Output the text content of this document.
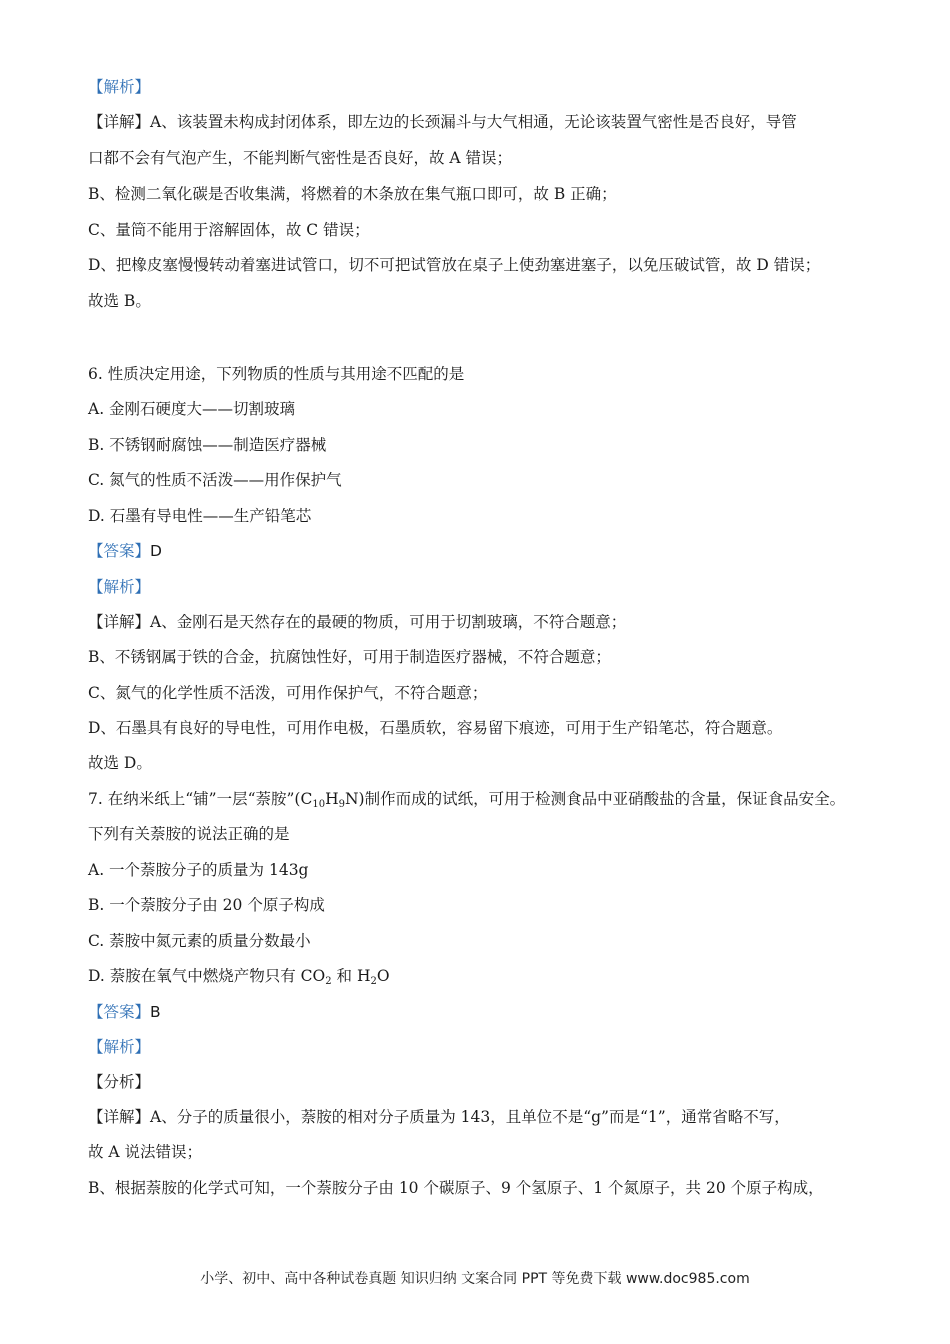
【解析】
【详解】A、该装置未构成封闭体系，即左边的长颈漏斗与大气相通，无论该装置气密性是否良好，导管
口都不会有气泡产生，不能判断气密性是否良好，故 A 错误；
B、检测二氧化碳是否收集满，将燃着的木条放在集气瓶口即可，故 B 正确；
C、量筒不能用于溶解固体，故 C 错误；
D、把橡皮塞慢慢转动着塞进试管口，切不可把试管放在桌子上使劲塞进塞子，以免压破试管，故 D 错误；
故选 B。
6. 性质决定用途，下列物质的性质与其用途不匹配的是
A. 金刚石硬度大——切割玻璃
B. 不锈钢耐腐蚀——制造医疗器械
C. 氮气的性质不活泼——用作保护气
D. 石墨有导电性——生产铅笔芯
【答案】D
【解析】
【详解】A、金刚石是天然存在的最硬的物质，可用于切割玻璃，不符合题意；
B、不锈钢属于铁的合金，抗腐蚀性好，可用于制造医疗器械，不符合题意；
C、氮气的化学性质不活泼，可用作保护气，不符合题意；
D、石墨具有良好的导电性，可用作电极，石墨质软，容易留下痕迹，可用于生产铅笔芯，符合题意。
故选 D。
7. 在纳米纸上“铺”一层“萘胺$”(C_{10}H_9N)$制作而成的试纸，可用于检测食品中亚硝酸盐的含量，保证食品安全。
下列有关萘胺的说法正确的是
A. 一个萘胺分子的质量为 143g
B. 一个萘胺分子由 20 个原子构成
C. 萘胺中氮元素的质量分数最小
D. 萘胺在氧气中燃烧产物只有 $CO_2$ 和 $H_2O$
【答案】B
【解析】
【分析】
【详解】A、分子的质量很小，萘胺的相对分子质量为 143，且单位不是“g”而是“1”，通常省略不写，
故 A 说法错误；
B、根据萘胺的化学式可知，一个萘胺分子由 10 个碳原子、9 个氢原子、1 个氮原子，共 20 个原子构成，
小学、初中、高中各种试卷真题 知识归纳 文案合同 PPT 等免费下载 www.doc985.com
